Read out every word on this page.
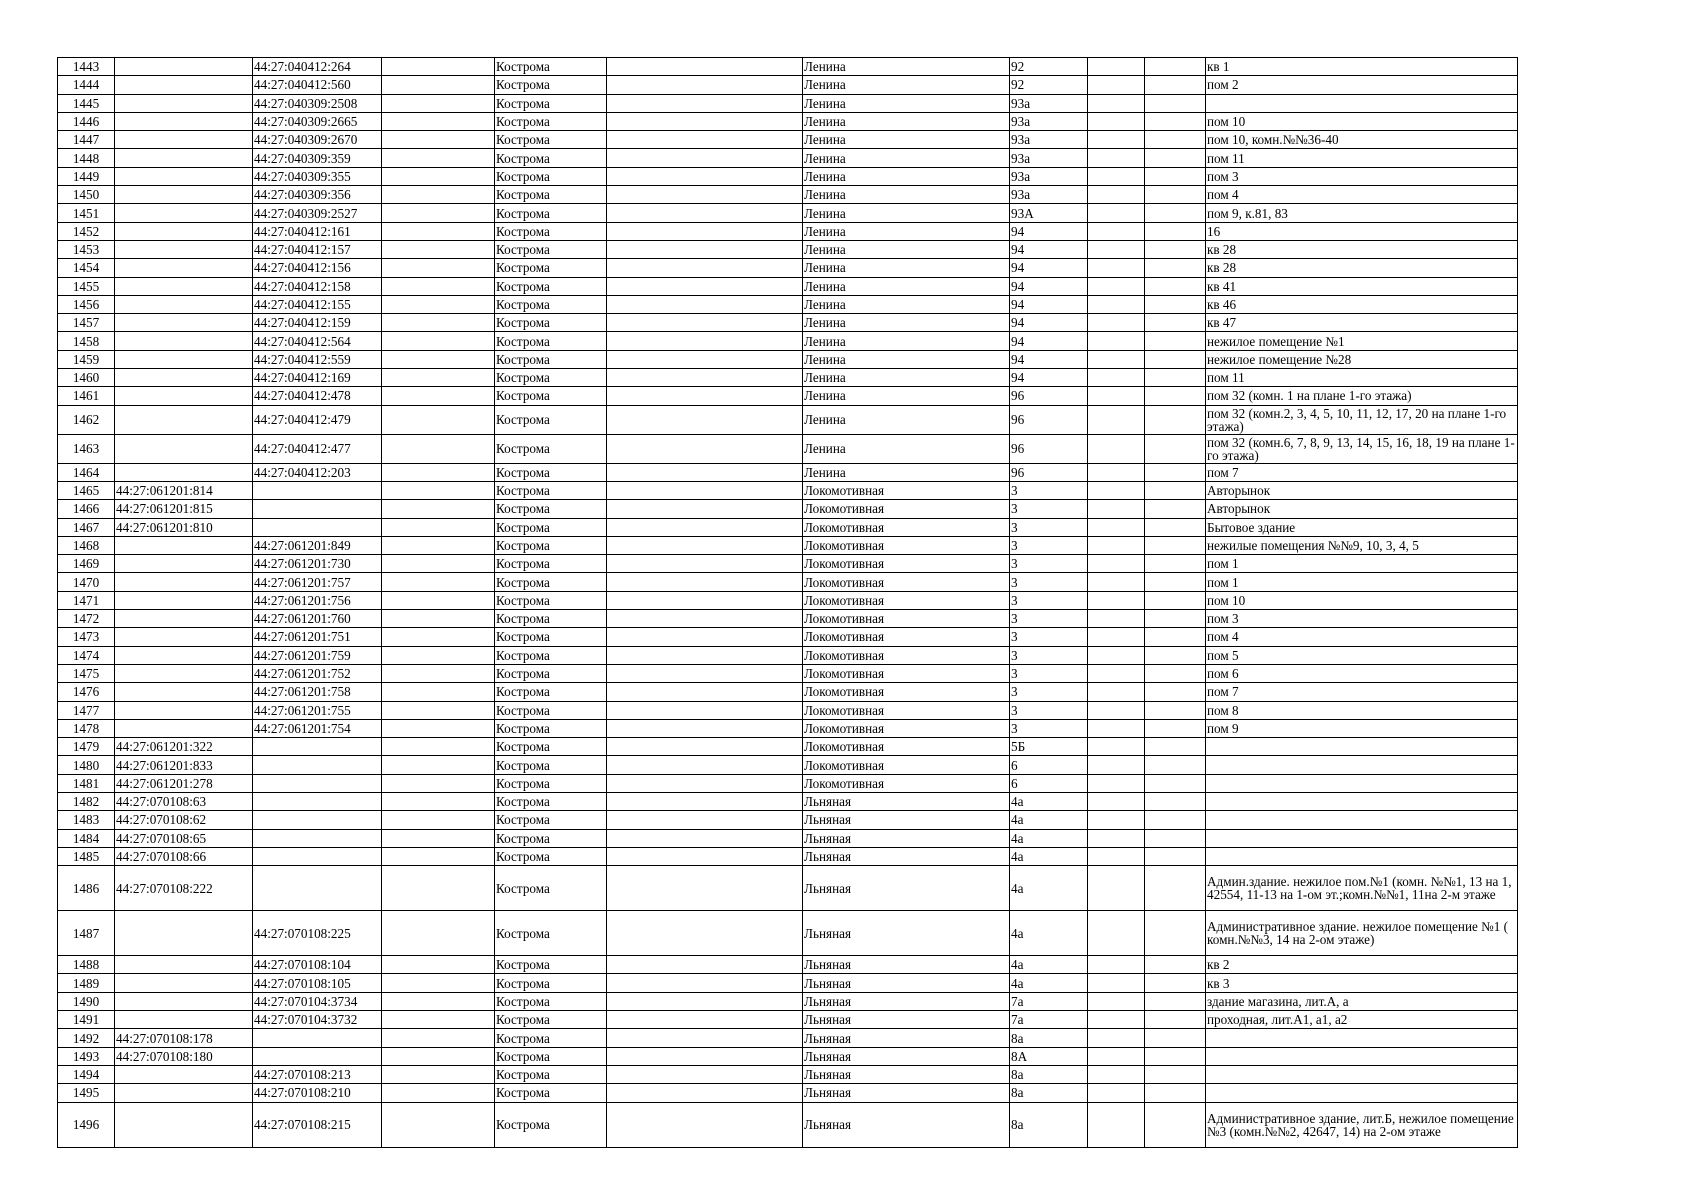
1443		44:27:040412:264		Кострома		Ленина	92			кв 1
1444		44:27:040412:560		Кострома		Ленина	92			пом 2
1445		44:27:040309:2508		Кострома		Ленина	93а			
1446		44:27:040309:2665		Кострома		Ленина	93а			пом 10
1447		44:27:040309:2670		Кострома		Ленина	93а			пом 10, комн.№№36-40
1448		44:27:040309:359		Кострома		Ленина	93а			пом 11
1449		44:27:040309:355		Кострома		Ленина	93а			пом 3
1450		44:27:040309:356		Кострома		Ленина	93а			пом 4
1451		44:27:040309:2527		Кострома		Ленина	93А			пом 9, к.81, 83
1452		44:27:040412:161		Кострома		Ленина	94			16
1453		44:27:040412:157		Кострома		Ленина	94			кв 28
1454		44:27:040412:156		Кострома		Ленина	94			кв 28
1455		44:27:040412:158		Кострома		Ленина	94			кв 41
1456		44:27:040412:155		Кострома		Ленина	94			кв 46
1457		44:27:040412:159		Кострома		Ленина	94			кв 47
1458		44:27:040412:564		Кострома		Ленина	94			нежилое помещение №1
1459		44:27:040412:559		Кострома		Ленина	94			нежилое помещение №28
1460		44:27:040412:169		Кострома		Ленина	94			пом 11
1461		44:27:040412:478		Кострома		Ленина	96			пом 32 (комн. 1 на плане 1-го этажа)
1462		44:27:040412:479		Кострома		Ленина	96			пом 32 (комн.2, 3, 4, 5, 10, 11, 12, 17, 20 на плане 1-го этажа)
1463		44:27:040412:477		Кострома		Ленина	96			пом 32 (комн.6, 7, 8, 9, 13, 14, 15, 16, 18, 19 на плане 1-го этажа)
1464		44:27:040412:203		Кострома		Ленина	96			пом 7
1465	44:27:061201:814			Кострома		Локомотивная	3			Авторынок
1466	44:27:061201:815			Кострома		Локомотивная	3			Авторынок
1467	44:27:061201:810			Кострома		Локомотивная	3			Бытовое здание
1468		44:27:061201:849		Кострома		Локомотивная	3			нежилые помещения №№9, 10, 3, 4, 5
1469		44:27:061201:730		Кострома		Локомотивная	3			пом 1
1470		44:27:061201:757		Кострома		Локомотивная	3			пом 1
1471		44:27:061201:756		Кострома		Локомотивная	3			пом 10
1472		44:27:061201:760		Кострома		Локомотивная	3			пом 3
1473		44:27:061201:751		Кострома		Локомотивная	3			пом 4
1474		44:27:061201:759		Кострома		Локомотивная	3			пом 5
1475		44:27:061201:752		Кострома		Локомотивная	3			пом 6
1476		44:27:061201:758		Кострома		Локомотивная	3			пом 7
1477		44:27:061201:755		Кострома		Локомотивная	3			пом 8
1478		44:27:061201:754		Кострома		Локомотивная	3			пом 9
1479	44:27:061201:322			Кострома		Локомотивная	5Б			
1480	44:27:061201:833			Кострома		Локомотивная	6			
1481	44:27:061201:278			Кострома		Локомотивная	6			
1482	44:27:070108:63			Кострома		Льняная	4а			
1483	44:27:070108:62			Кострома		Льняная	4а			
1484	44:27:070108:65			Кострома		Льняная	4а			
1485	44:27:070108:66			Кострома		Льняная	4а			
1486	44:27:070108:222			Кострома		Льняная	4а			Админ.здание. нежилое пом.№1 (комн. №№1, 13 на 1, 42554, 11-13 на 1-ом эт.;комн.№№1, 11на 2-м этаже
1487		44:27:070108:225		Кострома		Льняная	4а			Административное здание. нежилое помещение №1 ( комн.№№3, 14 на 2-ом этаже)
1488		44:27:070108:104		Кострома		Льняная	4а			кв 2
1489		44:27:070108:105		Кострома		Льняная	4а			кв 3
1490		44:27:070104:3734		Кострома		Льняная	7а			здание магазина, лит.А, а
1491		44:27:070104:3732		Кострома		Льняная	7а			проходная, лит.А1, а1, а2
1492	44:27:070108:178			Кострома		Льняная	8а			
1493	44:27:070108:180			Кострома		Льняная	8А			
1494		44:27:070108:213		Кострома		Льняная	8а			
1495		44:27:070108:210		Кострома		Льняная	8а			
1496		44:27:070108:215		Кострома		Льняная	8а			Административное здание, лит.Б, нежилое помещение №3 (комн.№№2, 42647, 14) на 2-ом этаже
